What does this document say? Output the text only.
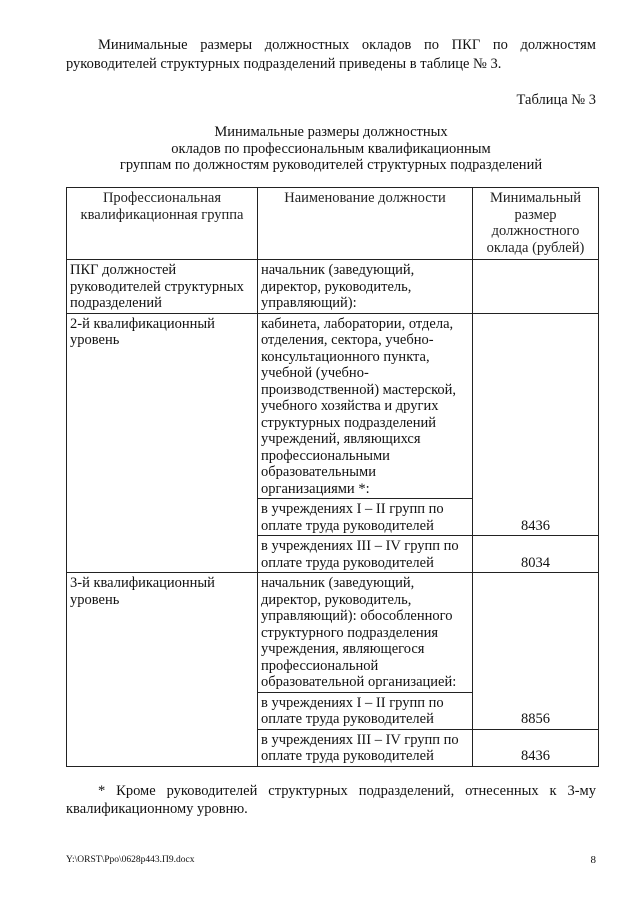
Минимальные размеры должностных окладов по ПКГ по должностям руководителей структурных подразделений приведены в таблице № 3.

Таблица № 3

Минимальные размеры должностных
окладов по профессиональным квалификационным
группам по должностям руководителей структурных подразделений
Профессиональная квалификационная группа	Наименование должности	Минимальный размер должностного оклада (рублей)
ПКГ должностей руководителей структурных подразделений	начальник (заведующий, директор, руководитель, управляющий):	
2-й квалификационный уровень	кабинета, лаборатории, отдела, отделения, сектора, учебно-консультационного пункта, учебной (учебно-производственной) мастерской, учебного хозяйства и других структурных подразделений учреждений, являющихся профессиональными образовательными организациями *:	8436
	в учреждениях I – II групп по оплате труда руководителей	
	в учреждениях III – IV групп по оплате труда руководителей	8034
3-й квалификационный уровень	начальник (заведующий, директор, руководитель, управляющий): обособленного структурного подразделения учреждения, являющегося профессиональной образовательной организацией:	8856
	в учреждениях I – II групп по оплате труда руководителей	
	в учреждениях III – IV групп по оплате труда руководителей	8436

* Кроме руководителей структурных подразделений, отнесенных к 3-му квалификационному уровню.

Y:\ORST\Ppo\0628p443.П9.docx	8
